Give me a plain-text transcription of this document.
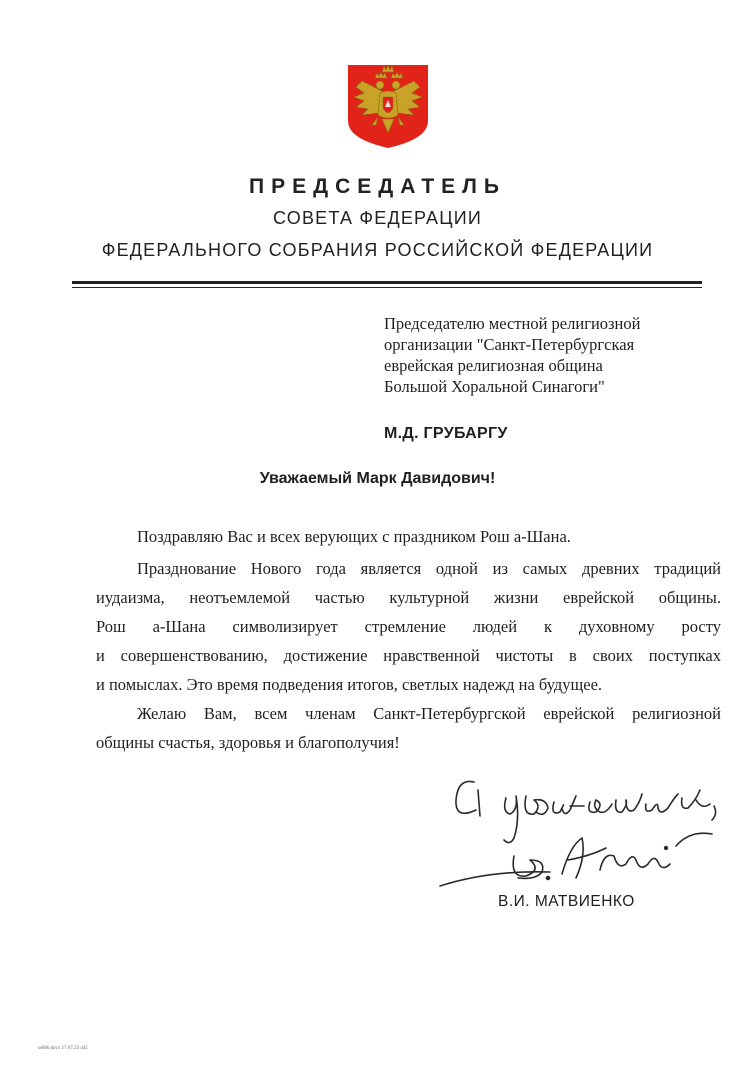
ПРЕДСЕДАТЕЛЬ
СОВЕТА ФЕДЕРАЦИИ
ФЕДЕРАЛЬНОГО СОБРАНИЯ РОССИЙСКОЙ ФЕДЕРАЦИИ
Председателю местной религиозной
организации "Санкт-Петербургская
еврейская религиозная община
Большой Хоральной Синагоги"
М.Д. ГРУБАРГУ
Уважаемый Марк Давидович!
Поздравляю Вас и всех верующих с праздником Рош а-Шана.
Празднование Нового года является одной из самых древних традиций
иудаизма, неотъемлемой частью культурной жизни еврейской общины.
Рош а-Шана символизирует стремление людей к духовному росту
и совершенствованию, достижение нравственной чистоты в своих поступках
и помыслах. Это время подведения итогов, светлых надежд на будущее.
Желаю Вам, всем членам Санкт-Петербургской еврейской религиозной
общины счастья, здоровья и благополучия!
В.И. МАТВИЕНКО
ss686.docx 17.07.23 445
